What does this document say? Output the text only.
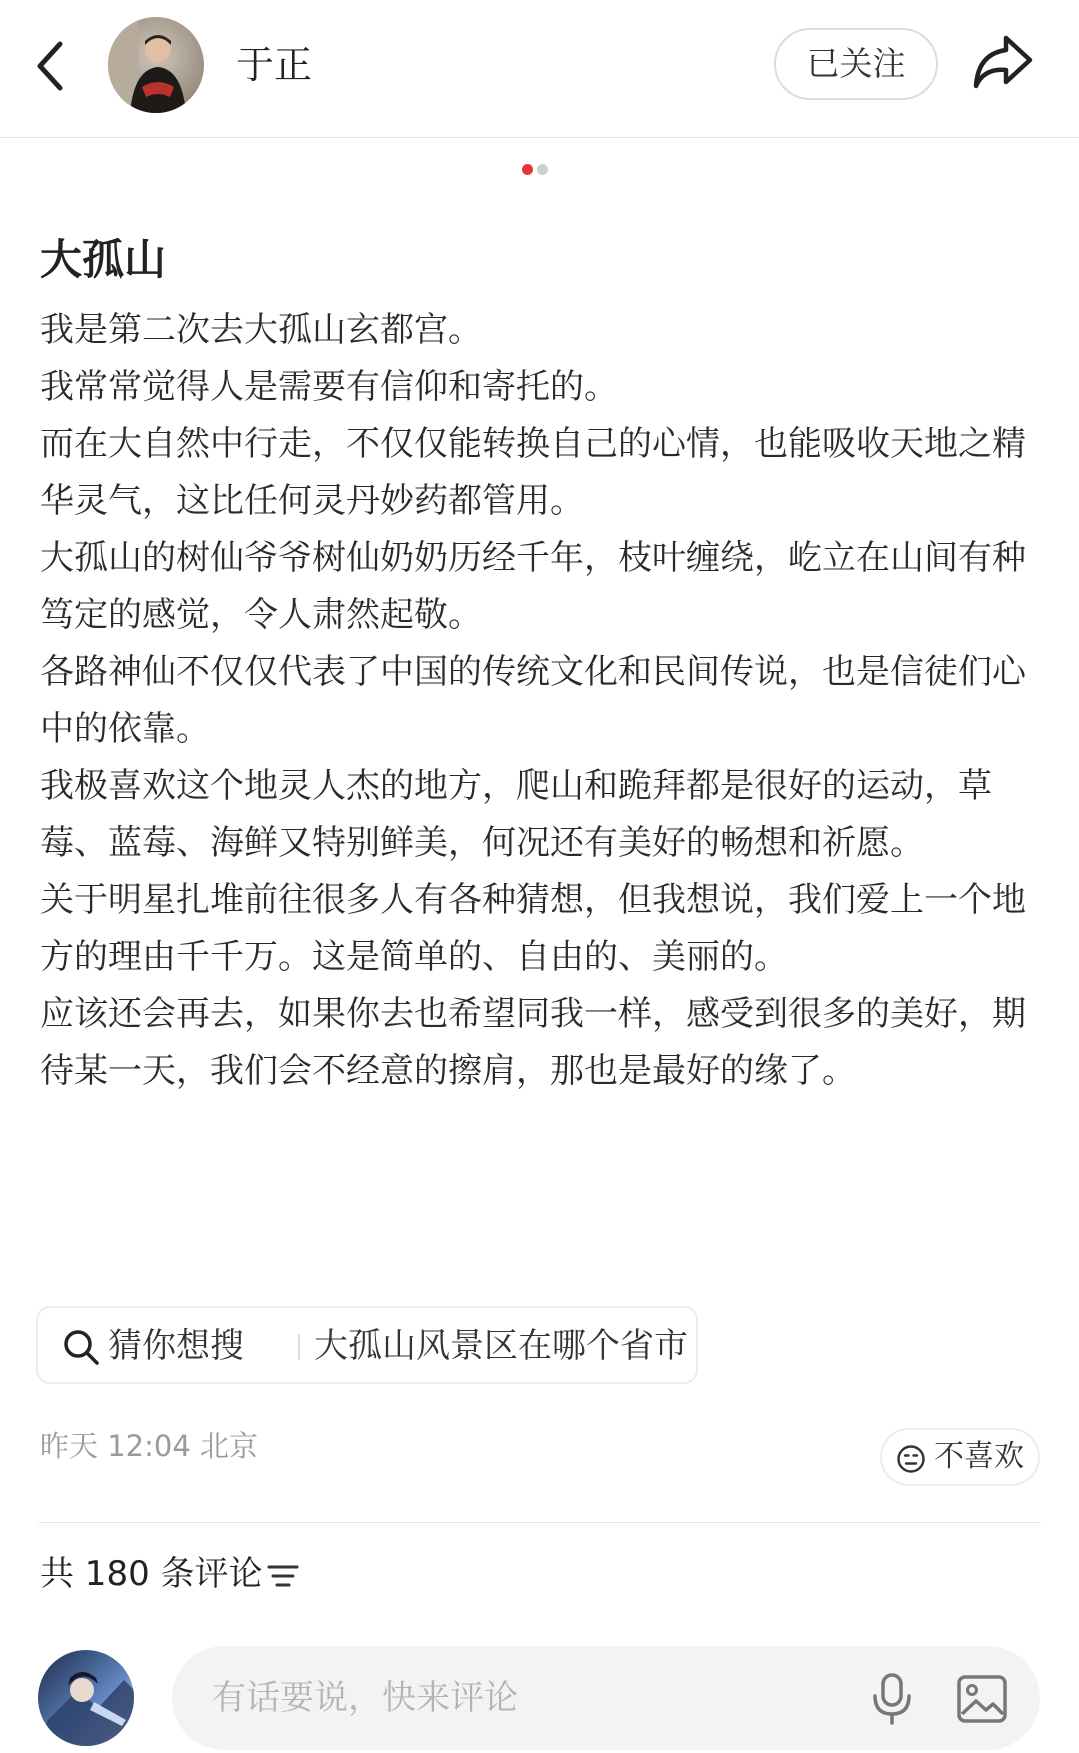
于正	已关注
大孤山

我是第二次去大孤山玄都宫。

我常常觉得人是需要有信仰和寄托的。

而在大自然中行走，不仅仅能转换自己的心情，也能吸收天地之精华灵气，这比任何灵丹妙药都管用。

大孤山的树仙爷爷树仙奶奶历经千年，枝叶缠绕，屹立在山间有种笃定的感觉，令人肃然起敬。

各路神仙不仅仅代表了中国的传统文化和民间传说，也是信徒们心中的依靠。

我极喜欢这个地灵人杰的地方，爬山和跪拜都是很好的运动，草莓、蓝莓、海鲜又特别鲜美，何况还有美好的畅想和祈愿。

关于明星扎堆前往很多人有各种猜想，但我想说，我们爱上一个地方的理由千千万。这是简单的、自由的、美丽的。

应该还会再去，如果你去也希望同我一样，感受到很多的美好，期待某一天，我们会不经意的擦肩，那也是最好的缘了。

猜你想搜 大孤山风景区在哪个省市
昨天 12:04 北京	不喜欢
共 180 条评论
有话要说，快来评论
